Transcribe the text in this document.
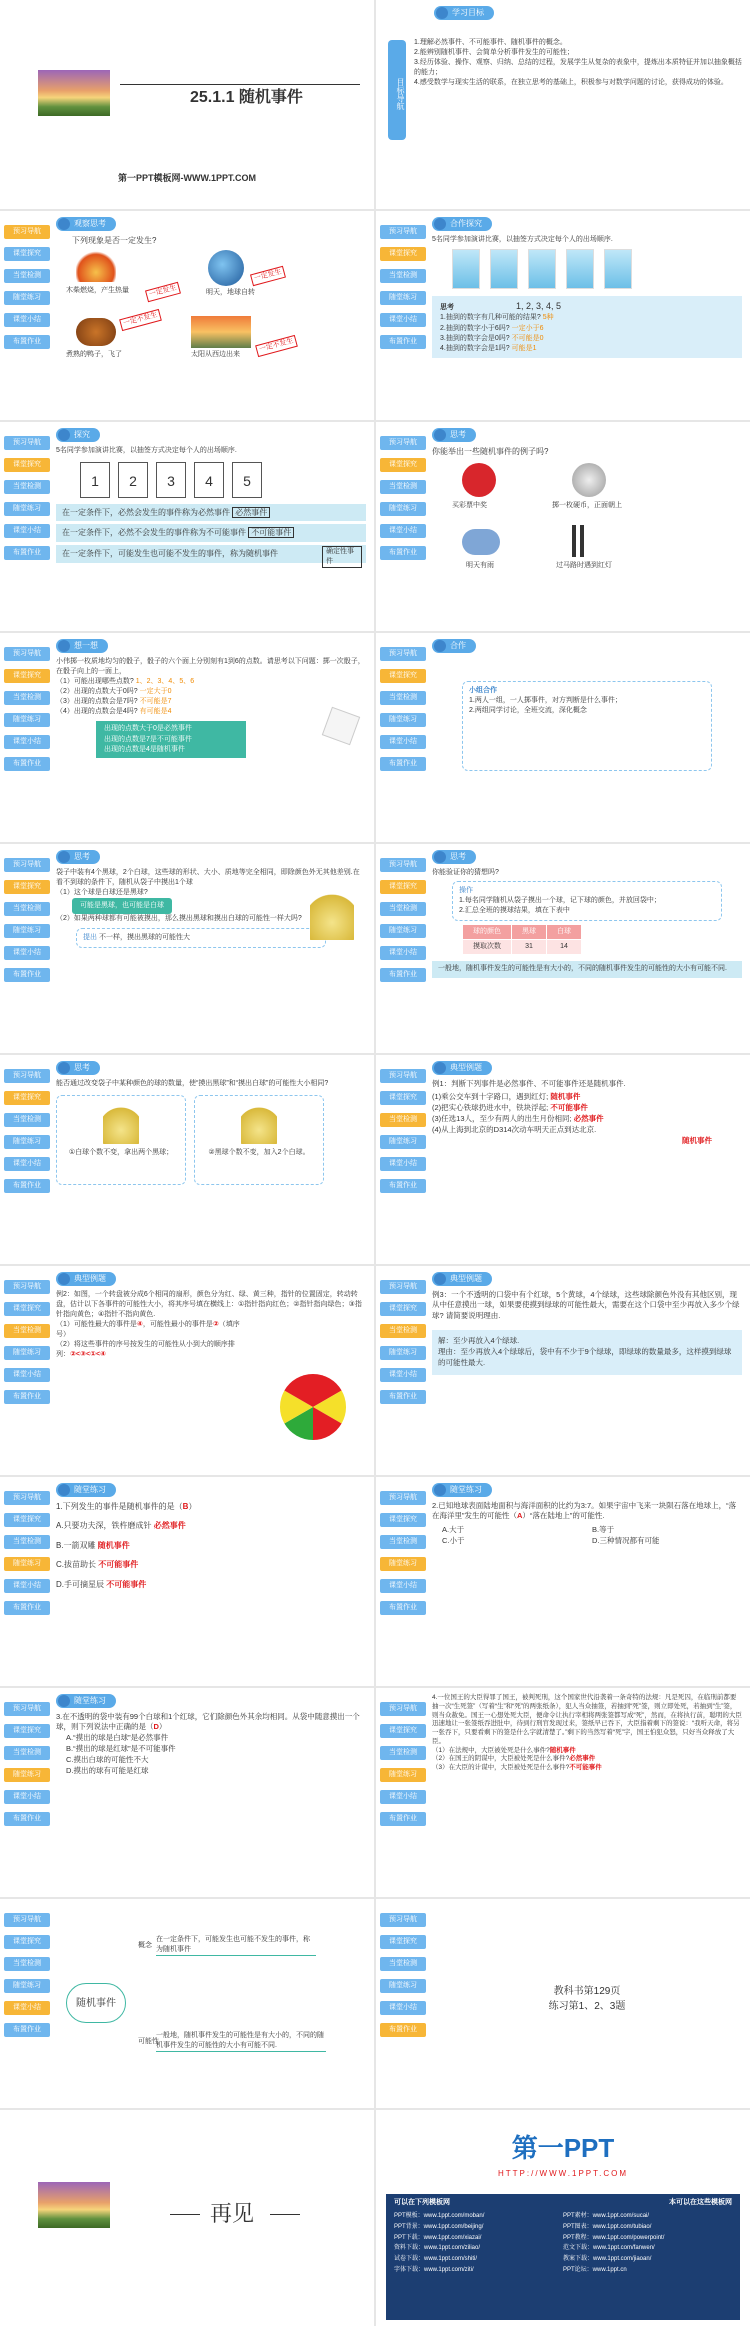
25.1.1 随机事件
第一PPT模板网-WWW.1PPT.COM
目标导航
学习目标

1.理解必然事件、不可能事件、随机事件的概念。

2.能辨别随机事件、会简单分析事件发生的可能性；

3.经历体验、操作、观察、归纳、总结的过程，发展学生从复杂的表象中，提炼出本质特征并加以抽象概括的能力；

4.感受数学与现实生活的联系，在独立思考的基础上，积极参与对数学问题的讨论，获得成功的体验。

预习导航
课堂探究
当堂检测
随堂练习
课堂小结
布置作业
观察思考

下列现象是否一定发生?

木柴燃烧，产生热量	一定发生	明天，地球自转
一定发生
煮熟的鸭子，飞了
一定不发生
太阳从西边出来
一定不发生
预习导航
课堂探究
当堂检测
随堂练习
课堂小结
布置作业
合作探究

5名同学参加演讲比赛，以抽签方式决定每个人的出场顺序.

思考	1, 2, 3, 4, 5

1.抽到的数字有几种可能的结果? 5种

2.抽到的数字小于6吗? 一定小于6

3.抽到的数字会是0吗? 不可能是0

4.抽到的数字会是1吗? 可能是1

预习导航
课堂探究
当堂检测
随堂练习
课堂小结
布置作业
探究

5名同学参加演讲比赛，以抽签方式决定每个人的出场顺序.

1 2 3 4 5
在一定条件下，必然会发生的事件称为必然事件 必然事件
在一定条件下，必然不会发生的事件称为不可能事件 不可能事件
确定性事件
在一定条件下，可能发生也可能不发生的事件，称为随机事件
预习导航
课堂探究
当堂检测
随堂练习
课堂小结
布置作业
思考

你能举出一些随机事件的例子吗?

买彩票中奖	掷一枚硬币，正面朝上
明天有雨	过马路时遇到红灯
预习导航
课堂探究
当堂检测
随堂练习
课堂小结
布置作业
想一想

小伟掷一枚质地均匀的骰子，骰子的六个面上分别刻有1到6的点数。请思考以下问题：掷一次骰子，在骰子向上的一面上，

（1）可能出现哪些点数? 1、2、3、4、5、6

（2）出现的点数大于0吗? 一定大于0

（3）出现的点数会是7吗? 不可能是7

（4）出现的点数会是4吗? 有可能是4

出现的点数大于0是必然事件

出现的点数是7是不可能事件

出现的点数是4是随机事件

预习导航
课堂探究
当堂检测
随堂练习
课堂小结
布置作业
合作

小组合作

1.两人一组，一人掷事件，对方判断是什么事件；

2.两组同学讨论，全班交流，深化概念

预习导航
课堂探究
当堂检测
随堂练习
课堂小结
布置作业
思考

袋子中装有4个黑球，2个白球，这些球的形状、大小、质地等完全相同，即除颜色外无其他差别.在看不到球的条件下，随机从袋子中摸出1个球

（1）这个球是白球还是黑球?

可能是黑球，也可能是白球

（2）如果两种球都有可能被摸出，那么摸出黑球和摸出白球的可能性一样大吗?

提出 不一样，摸出黑球的可能性大
预习导航
课堂探究
当堂检测
随堂练习
课堂小结
布置作业
思考

你能验证你的猜想吗?

操作

1.每名同学随机从袋子摸出一个球，记下球的颜色，并放回袋中；

2.汇总全班的摸球结果，填在下表中

球的颜色	黑球	白球
摸取次数	31	14
一般地，随机事件发生的可能性是有大小的，不同的随机事件发生的可能性的大小有可能不同.
预习导航
课堂探究
当堂检测
随堂练习
课堂小结
布置作业
思考

能否通过改变袋子中某种颜色的球的数量，使“摸出黑球”和“摸出白球”的可能性大小相同?

①白球个数不变，拿出两个黑球；	②黑球个数不变，加入2个白球。

预习导航
课堂探究
当堂检测
随堂练习
课堂小结
布置作业
典型例题

例1：判断下列事件是必然事件、不可能事件还是随机事件.

(1)乘公交车到十字路口，遇到红灯; 随机事件

(2)把实心铁球扔进水中，铁块浮起; 不可能事件

(3)任选13人，至少有两人的出生月份相同; 必然事件

(4)从上海到北京的D314次动车明天正点到达北京.

随机事件

预习导航
课堂探究
当堂检测
随堂练习
课堂小结
布置作业
典型例题

例2：如图，一个转盘被分成6个相同的扇形，颜色分为红、绿、黄三种，指针的位置固定，转动转盘，估计以下各事件的可能性大小，将其序号填在横线上：①指针指向红色；②指针指向绿色；③指针指向黄色；④指针不指向黄色.

（1）可能性最大的事件是④，可能性最小的事件是②（填序号）

（2）将这些事件的序号按发生的可能性从小到大的顺序排列：②<③<①<④

预习导航
课堂探究
当堂检测
随堂练习
课堂小结
布置作业
典型例题

例3：一个不透明的口袋中有个红球，5个黄球，4个绿球，这些球除颜色外没有其他区别，现从中任意摸出一球，如果要使摸到绿球的可能性最大，需要在这个口袋中至少再放入多少个绿球? 请简要说明理由.

解：至少再放入4个绿球.

理由：至少再放入4个绿球后，袋中有不少于9个绿球，即绿球的数量最多，这样摸到绿球的可能性最大.

预习导航
课堂探究
当堂检测
随堂练习
课堂小结
布置作业
随堂练习

1.下列发生的事件是随机事件的是（B）

A.只要功夫深，铁杵磨成针 必然事件

B.一箭双雕 随机事件

C.拔苗助长 不可能事件

D.手可摘星辰 不可能事件

预习导航
课堂探究
当堂检测
随堂练习
课堂小结
布置作业
随堂练习

2.已知地球表面陆地面积与海洋面积的比约为3:7。如果宇宙中飞来一块陨石落在地球上，“落在海洋里”发生的可能性（A）“落在陆地上”的可能性.

A.大于	B.等于
C.小于	D.三种情况都有可能
预习导航
课堂探究
当堂检测
随堂练习
课堂小结
布置作业
随堂练习

3.在不透明的袋中装有99个白球和1个红球，它们除颜色外其余均相同。从袋中随意摸出一个球，则下列说法中正确的是（D）

A.“摸出的球是白球”是必然事件

B.“摸出的球是红球”是不可能事件

C.摸出白球的可能性不大

D.摸出的球有可能是红球

预习导航
课堂探究
当堂检测
随堂练习
课堂小结
布置作业

4.一位国王的大臣得罪了国王，被判死刑，这个国家世代沿袭着一条奇特的法规：凡是死囚，在临刑前都要抽一次“生死签”（写着“生”和“死”的两张纸条），犯人当众抽签，若抽到“死”签，则立即处死，若抽到“生”签，则当众赦免。国王一心想处死大臣，便命令让执行宰相将两张签都写成“死”，然而，在将执行前，聪明的大臣迅速地让一张签纸吞进肚中，待到行刑官发现过来，签纸早已吞下，大臣指着剩下的签说：“我听天命，将另一张吞下，只要看剩下的签是什么字就清楚了。”剩下的当然写着“死”字，国王怕犯众怒，只好当众释放了大臣。

（1）在法规中，大臣被处死是什么事件?随机事件

（2）在国王的阴谋中，大臣被处死是什么事件?必然事件

（3）在大臣的计谋中，大臣被处死是什么事件?不可能事件

预习导航
课堂探究
当堂检测
随堂练习
课堂小结
布置作业
随机事件
概念
在一定条件下，可能发生也可能不发生的事件，称为随机事件
可能性
一般地，随机事件发生的可能性是有大小的，不同的随机事件发生的可能性的大小有可能不同.
预习导航
课堂探究
当堂检测
随堂练习
课堂小结
布置作业

教科书第129页

练习第1、2、3题

再见
第一PPT
HTTP://WWW.1PPT.COM
可以在下列模板网	本可以在这些模板网
PPT模板：www.1ppt.com/moban/	PPT素材：www.1ppt.com/sucai/
PPT背景：www.1ppt.com/beijing/	PPT图表：www.1ppt.com/tubiao/
PPT下载：www.1ppt.com/xiazai/	PPT教程：www.1ppt.com/powerpoint/
资料下载：www.1ppt.com/ziliao/	范文下载：www.1ppt.com/fanwen/
试卷下载：www.1ppt.com/shiti/	教案下载：www.1ppt.com/jiaoan/
字体下载：www.1ppt.com/ziti/	PPT论坛：www.1ppt.cn
